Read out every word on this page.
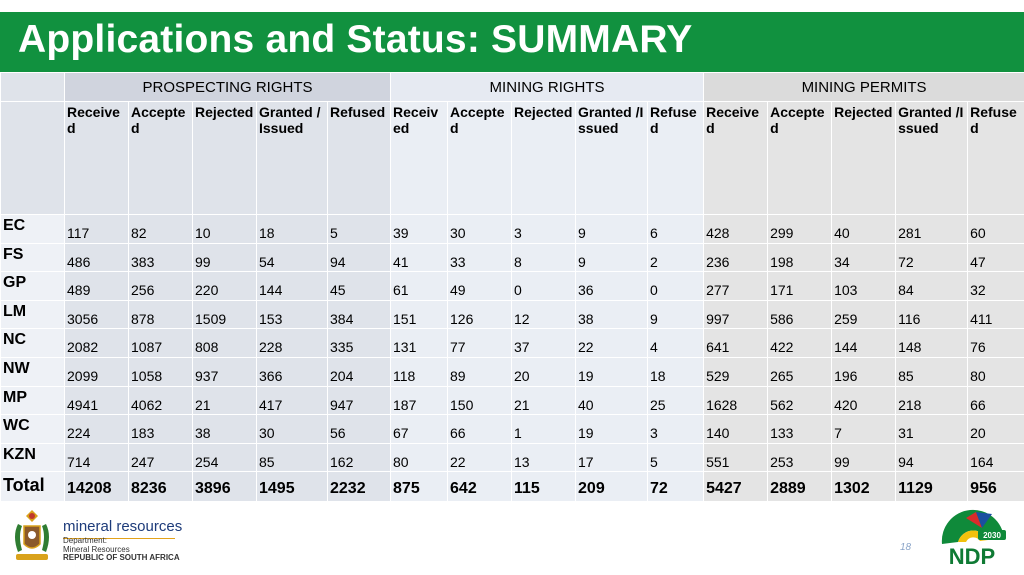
Applications and Status: SUMMARY
	PROSPECTING RIGHTS					MINING RIGHTS					MINING PERMITS				
	Received	Accepted	Rejected	Granted / Issued	Refused	Received	Accepted	Rejected	Granted /Issued	Refused	Received	Accepted	Rejected	Granted /Issued	Refused
EC	117	82	10	18	5	39	30	3	9	6	428	299	40	281	60
FS	486	383	99	54	94	41	33	8	9	2	236	198	34	72	47
GP	489	256	220	144	45	61	49	0	36	0	277	171	103	84	32
LM	3056	878	1509	153	384	151	126	12	38	9	997	586	259	116	411
NC	2082	1087	808	228	335	131	77	37	22	4	641	422	144	148	76
NW	2099	1058	937	366	204	118	89	20	19	18	529	265	196	85	80
MP	4941	4062	21	417	947	187	150	21	40	25	1628	562	420	218	66
WC	224	183	38	30	56	67	66	1	19	3	140	133	7	31	20
KZN	714	247	254	85	162	80	22	13	17	5	551	253	99	94	164
Total	14208	8236	3896	1495	2232	875	642	115	209	72	5427	2889	1302	1129	956
mineral resources
Department:
Mineral Resources
REPUBLIC OF SOUTH AFRICA
18
2030
NDP
